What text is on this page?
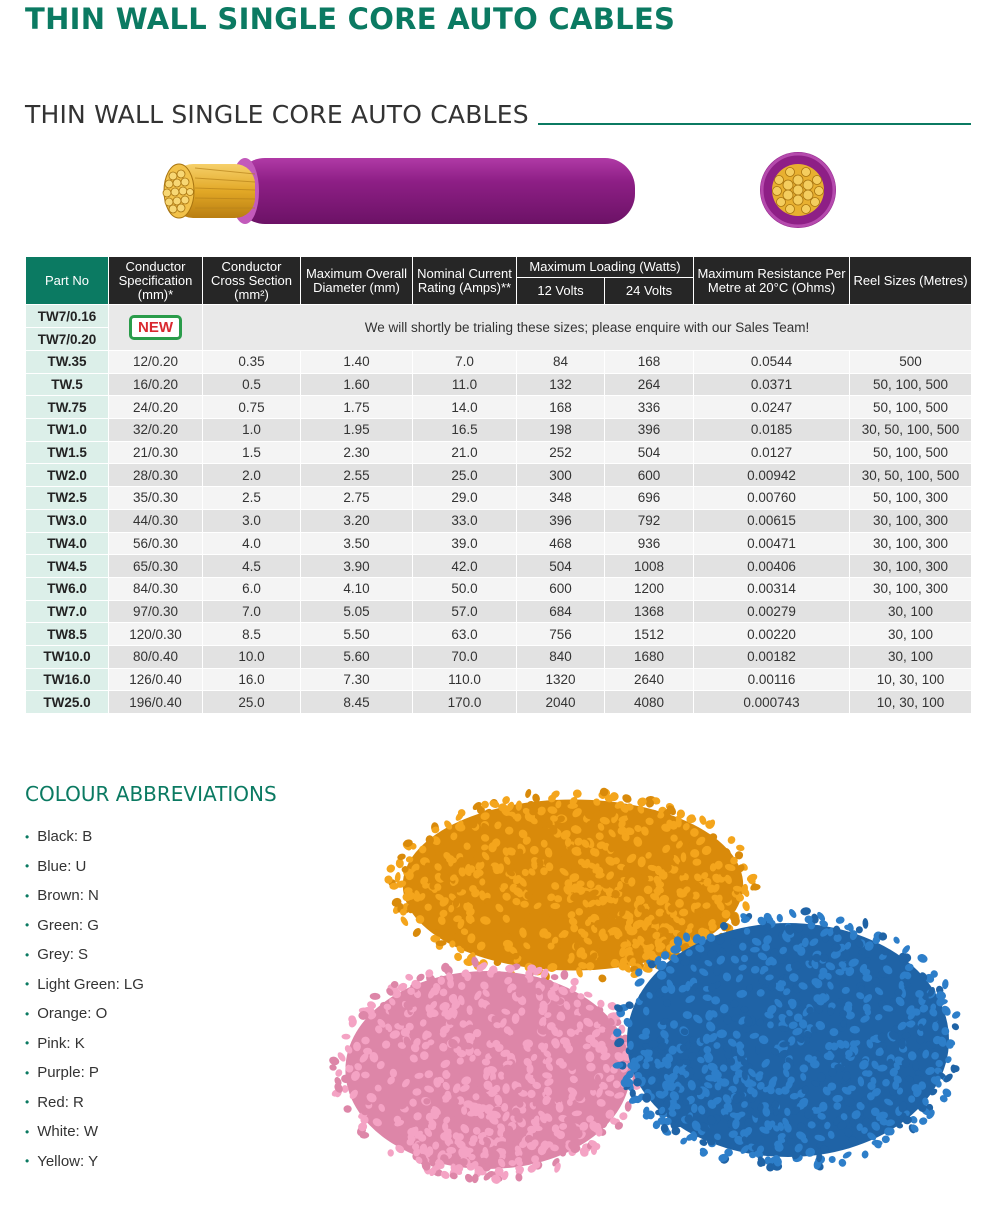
THIN WALL SINGLE CORE AUTO CABLES
THIN WALL SINGLE CORE AUTO CABLES
Part No	Conductor Specification (mm)*	Conductor Cross Section (mm²)	Maximum Overall Diameter (mm)	Nominal Current Rating (Amps)**	Maximum Loading (Watts)		Maximum Resistance Per Metre at 20°C (Ohms)	Reel Sizes (Metres)
					12 Volts	24 Volts		
TW7/0.16	NEW	We will shortly be trialing these sizes; please enquire with our Sales Team!						
TW7/0.20								
TW.35	12/0.20	0.35	1.40	7.0	84	168	0.0544	500
TW.5	16/0.20	0.5	1.60	11.0	132	264	0.0371	50, 100, 500
TW.75	24/0.20	0.75	1.75	14.0	168	336	0.0247	50, 100, 500
TW1.0	32/0.20	1.0	1.95	16.5	198	396	0.0185	30, 50, 100, 500
TW1.5	21/0.30	1.5	2.30	21.0	252	504	0.0127	50, 100, 500
TW2.0	28/0.30	2.0	2.55	25.0	300	600	0.00942	30, 50, 100, 500
TW2.5	35/0.30	2.5	2.75	29.0	348	696	0.00760	50, 100, 300
TW3.0	44/0.30	3.0	3.20	33.0	396	792	0.00615	30, 100, 300
TW4.0	56/0.30	4.0	3.50	39.0	468	936	0.00471	30, 100, 300
TW4.5	65/0.30	4.5	3.90	42.0	504	1008	0.00406	30, 100, 300
TW6.0	84/0.30	6.0	4.10	50.0	600	1200	0.00314	30, 100, 300
TW7.0	97/0.30	7.0	5.05	57.0	684	1368	0.00279	30, 100
TW8.5	120/0.30	8.5	5.50	63.0	756	1512	0.00220	30, 100
TW10.0	80/0.40	10.0	5.60	70.0	840	1680	0.00182	30, 100
TW16.0	126/0.40	16.0	7.30	110.0	1320	2640	0.00116	10, 30, 100
TW25.0	196/0.40	25.0	8.45	170.0	2040	4080	0.000743	10, 30, 100
COLOUR ABBREVIATIONS
• Black: B
• Blue: U
• Brown: N
• Green: G
• Grey: S
• Light Green: LG
• Orange: O
• Pink: K
• Purple: P
• Red: R
• White: W
• Yellow: Y
